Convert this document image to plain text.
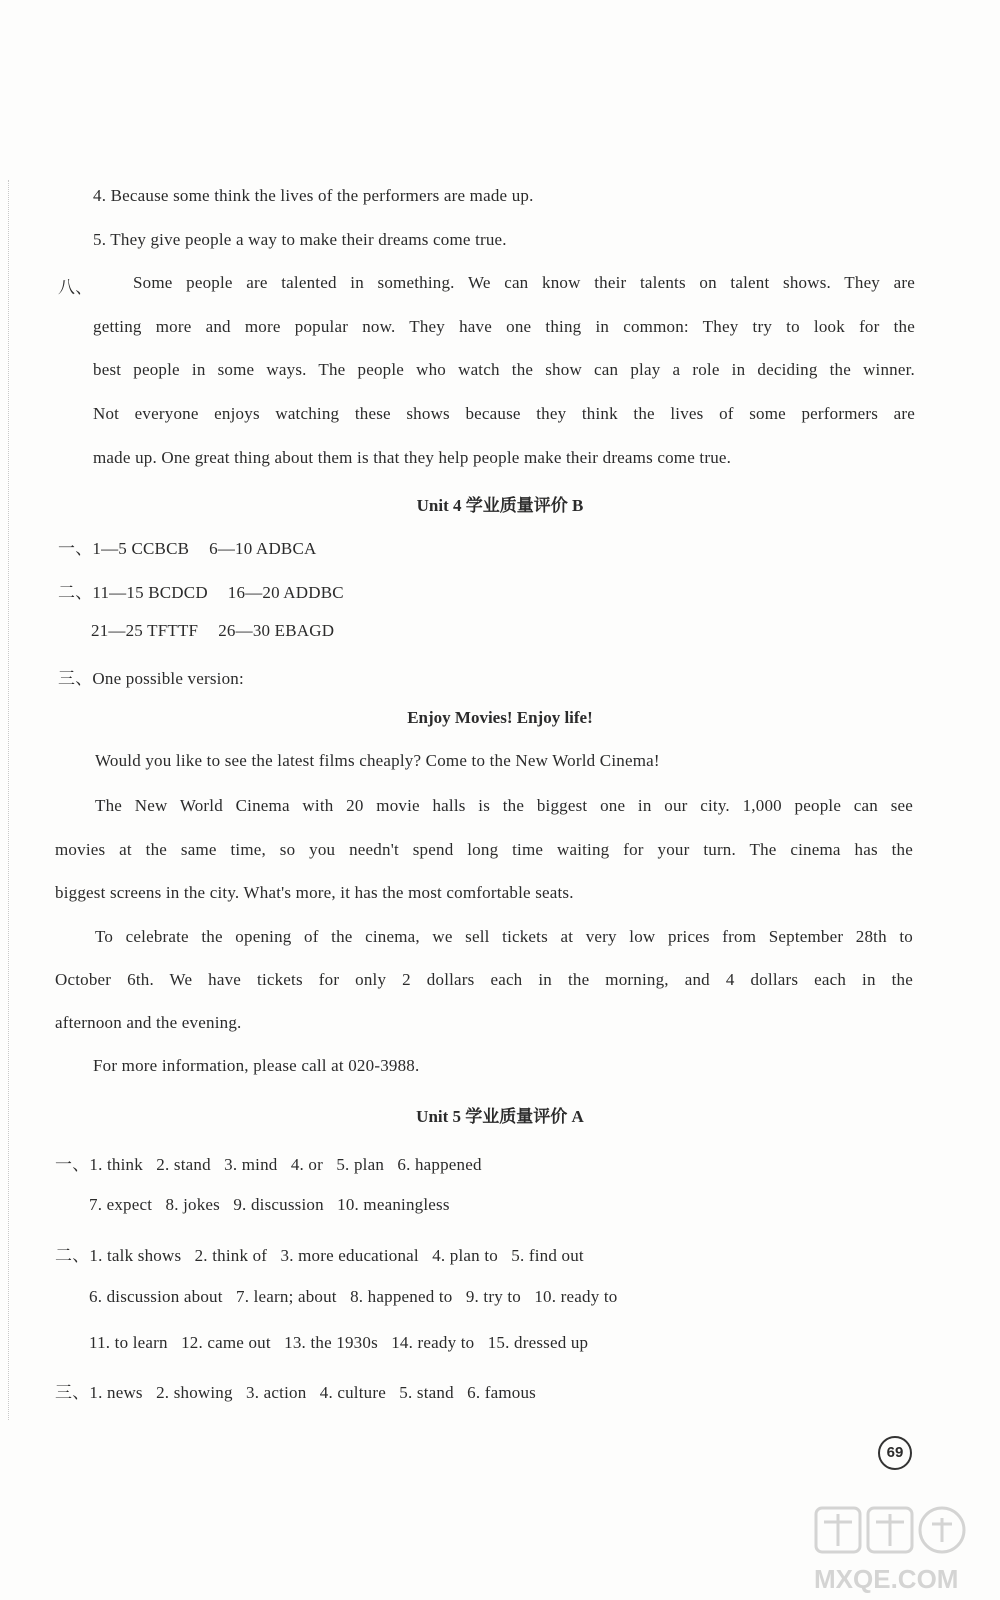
4. Because some think the lives of the performers are made up.
5. They give people a way to make their dreams come true.
八、 Some people are talented in something. We can know their talents on talent shows. They are
getting more and more popular now. They have one thing in common: They try to look for the
best people in some ways. The people who watch the show can play a role in deciding the winner.
Not everyone enjoys watching these shows because they think the lives of some performers are
made up. One great thing about them is that they help people make their dreams come true.
Unit 4 学业质量评价 B
一、1—5 CCBCB 6—10 ADBCA
二、11—15 BCDCD 16—20 ADDBC
21—25 TFTTF 26—30 EBAGD
三、One possible version:
Enjoy Movies! Enjoy life!
Would you like to see the latest films cheaply? Come to the New World Cinema!
The New World Cinema with 20 movie halls is the biggest one in our city. 1,000 people can see
movies at the same time, so you needn't spend long time waiting for your turn. The cinema has the
biggest screens in the city. What's more, it has the most comfortable seats.
To celebrate the opening of the cinema, we sell tickets at very low prices from September 28th to
October 6th. We have tickets for only 2 dollars each in the morning, and 4 dollars each in the
afternoon and the evening.
For more information, please call at 020-3988.
Unit 5 学业质量评价 A
一、1. think   2. stand   3. mind   4. or   5. plan   6. happened
7. expect   8. jokes   9. discussion   10. meaningless
二、1. talk shows   2. think of   3. more educational   4. plan to   5. find out
6. discussion about   7. learn; about   8. happened to   9. try to   10. ready to
11. to learn   12. came out   13. the 1930s   14. ready to   15. dressed up
三、1. news   2. showing   3. action   4. culture   5. stand   6. famous
69
MXQE.COM
